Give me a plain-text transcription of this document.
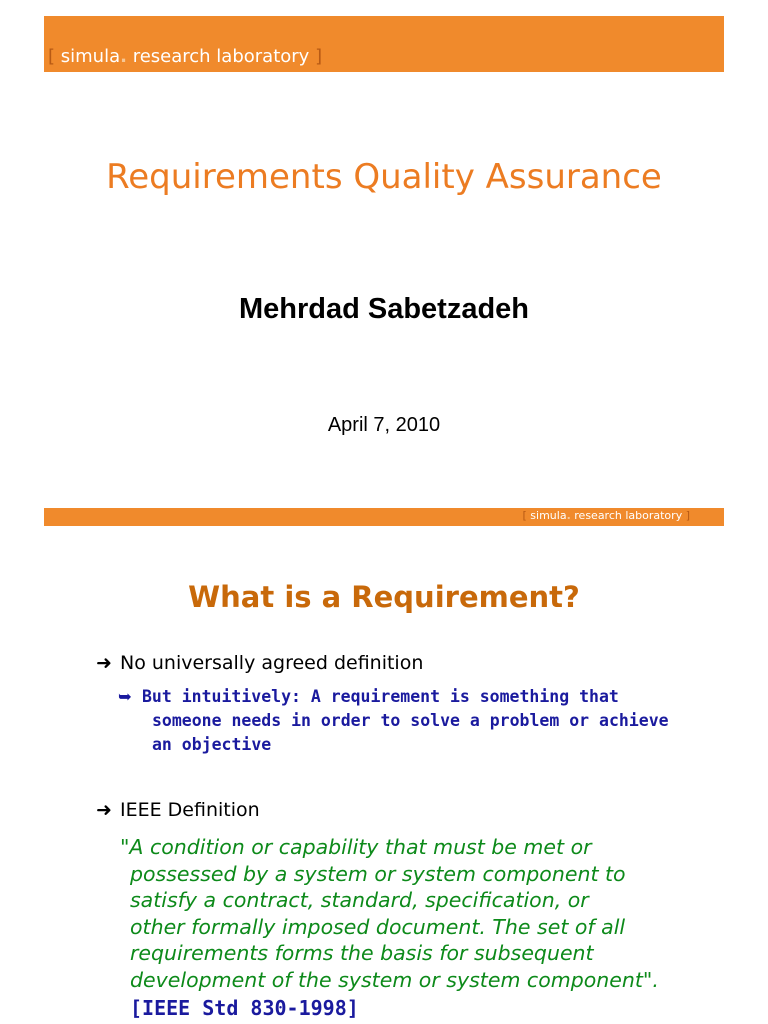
[ simula. research laboratory ]
Requirements Quality Assurance
Mehrdad Sabetzadeh
April 7, 2010
[ simula. research laboratory ]
What is a Requirement?
➜ No universally agreed definition
➥ But intuitively: A requirement is something that
someone needs in order to solve a problem or achieve
an objective
➜ IEEE Definition
"A condition or capability that must be met or
possessed by a system or system component to
satisfy a contract, standard, specification, or
other formally imposed document. The set of all
requirements forms the basis for subsequent
development of the system or system component".
[IEEE Std 830-1998]
